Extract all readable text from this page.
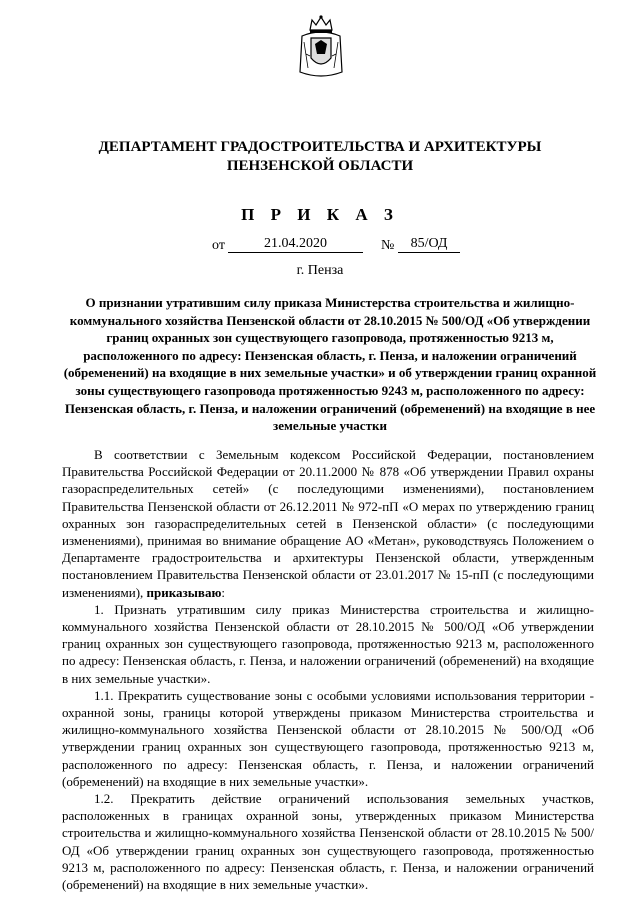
ДЕПАРТАМЕНТ ГРАДОСТРОИТЕЛЬСТВА И АРХИТЕКТУРЫ
ПЕНЗЕНСКОЙ ОБЛАСТИ
П Р И К А З
от	21.04.2020	№	85/ОД
г. Пенза
О признании утратившим силу приказа Министерства строительства и жилищно-коммунального хозяйства Пензенской области от 28.10.2015 № 500/ОД «Об утверждении границ охранных зон существующего газопровода, протяженностью 9213 м, расположенного по адресу: Пензенская область, г. Пенза, и наложении ограничений (обременений) на входящие в них земельные участки» и об утверждении границ охранной зоны существующего газопровода протяженностью 9243 м, расположенного по адресу: Пензенская область, г. Пенза, и наложении ограничений (обременений) на входящие в нее земельные участки

В соответствии с Земельным кодексом Российской Федерации, постановлением Правительства Российской Федерации от 20.11.2000 № 878 «Об утверждении Правил охраны газораспределительных сетей» (с последующими изменениями), постановлением Правительства Пензенской области от 26.12.2011 № 972-пП «О мерах по утверждению границ охранных зон газораспределительных сетей в Пензенской области» (с последующими изменениями), принимая во внимание обращение АО «Метан», руководствуясь Положением о Департаменте градостроительства и архитектуры Пензенской области, утвержденным постановлением Правительства Пензенской области от 23.01.2017 № 15-пП (с последующими изменениями), приказываю:

1. Признать утратившим силу приказ Министерства строительства и жилищно-коммунального хозяйства Пензенской области от 28.10.2015 № 500/ОД «Об утверждении границ охранных зон существующего газопровода, протяженностью 9213 м, расположенного по адресу: Пензенская область, г. Пенза, и наложении ограничений (обременений) на входящие в них земельные участки».

1.1. Прекратить существование зоны с особыми условиями использования территории - охранной зоны, границы которой утверждены приказом Министерства строительства и жилищно-коммунального хозяйства Пензенской области от 28.10.2015 № 500/ОД «Об утверждении границ охранных зон существующего газопровода, протяженностью 9213 м, расположенного по адресу: Пензенская область, г. Пенза, и наложении ограничений (обременений) на входящие в них земельные участки».

1.2. Прекратить действие ограничений использования земельных участков, расположенных в границах охранной зоны, утвержденных приказом Министерства строительства и жилищно-коммунального хозяйства Пензенской области от 28.10.2015 № 500/ОД «Об утверждении границ охранных зон существующего газопровода, протяженностью 9213 м, расположенного по адресу: Пензенская область, г. Пенза, и наложении ограничений (обременений) на входящие в них земельные участки».
